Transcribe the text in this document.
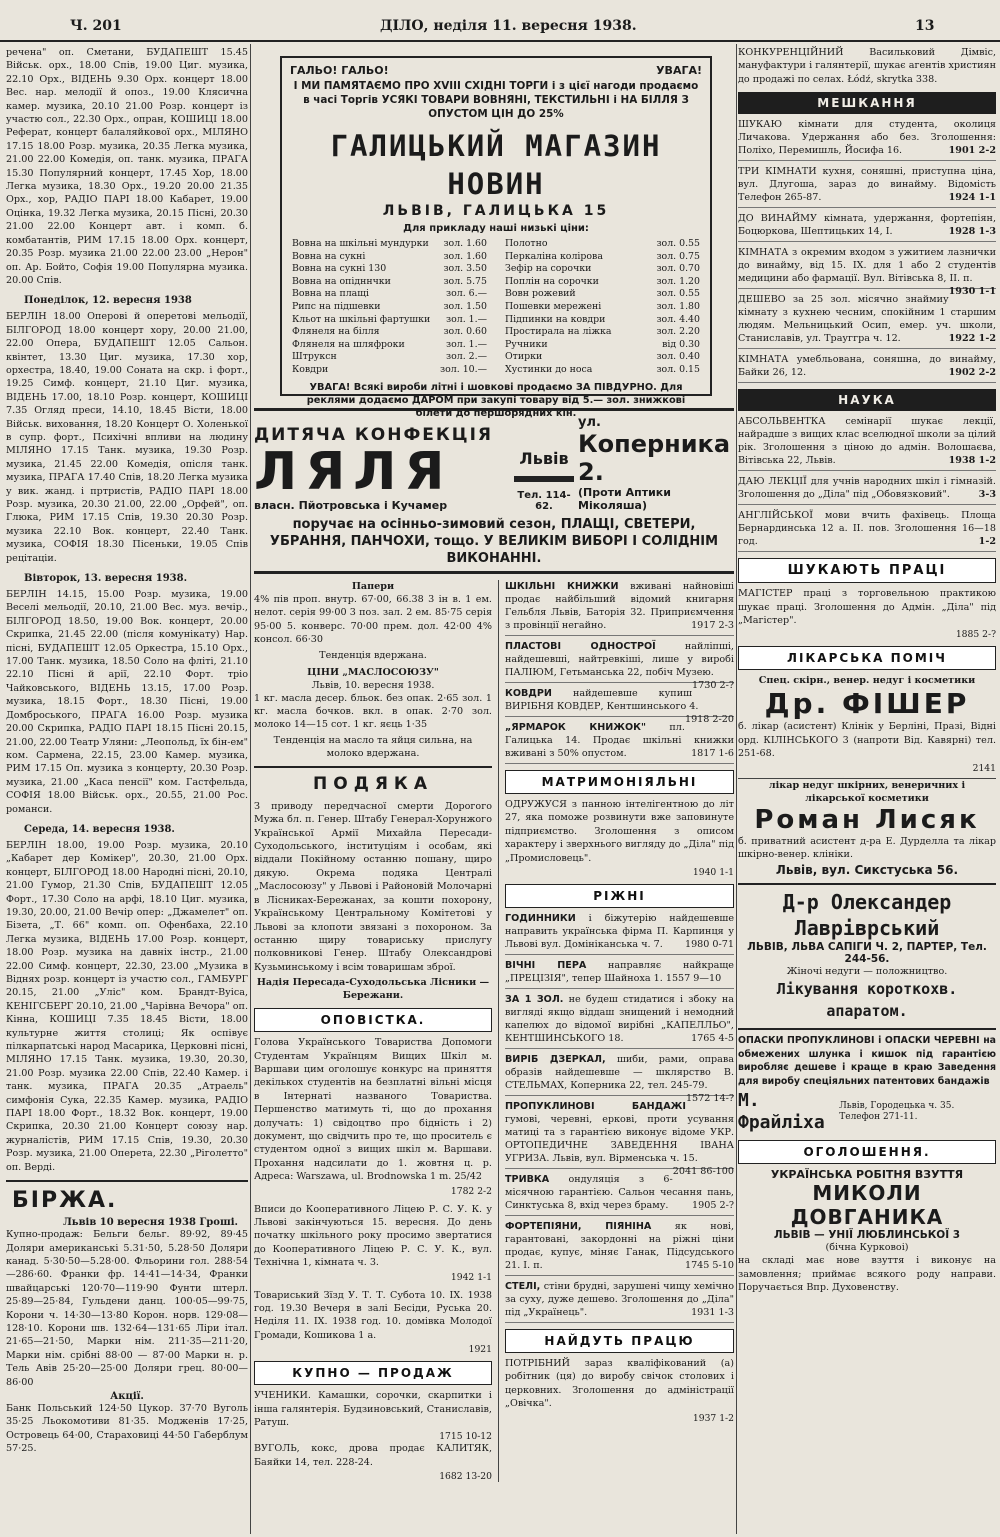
Ч. 201	ДІЛО, неділя 11. вересня 1938.	13

речена" оп. Сметани, БУДАПЕШТ 15.45 Військ. орх., 18.00 Спів, 19.00 Циг. музика, 22.10 Орх., ВІДЕНЬ 9.30 Орх. концерт 18.00 Вес. нар. мелодії й опоз., 19.00 Клясична камер. музика, 20.10 21.00 Розр. концерт із участю сол., 22.30 Орх., опран, КОШИЦІ 18.00 Реферат, концерт балаляйкової орх., МІЛЯНО 17.15 18.00 Розр. музика, 20.35 Легка музика, 21.00 22.00 Комедія, оп. танк. музика, ПРАГА 15.30 Популярний концерт, 17.45 Хор, 18.00 Легка музика, 18.30 Орх., 19.20 20.00 21.35 Орх., хор, РАДІО ПАРІ 18.00 Кабарет, 19.00 Оцінка, 19.32 Легка музика, 20.15 Пісні, 20.30 21.00 22.00 Концерт авт. і комп. б. комбатантів, РИМ 17.15 18.00 Орх. концерт, 20.35 Розр. музика 21.00 22.00 23.00 „Нерон" оп. Ар. Бойто, Софія 19.00 Популярна музика. 20.00 Спів.

Понеділок, 12. вересня 1938

БЕРЛІН 18.00 Оперові й оперетові мельодії, БІЛГОРОД 18.00 концерт хору, 20.00 21.00, 22.00 Опера, БУДАПЕШТ 12.05 Сальон. квінтет, 13.30 Циг. музика, 17.30 хор, орхестра, 18.40, 19.00 Соната на скр. і форт., 19.25 Симф. концерт, 21.10 Циг. музика, ВІДЕНЬ 17.00, 18.10 Розр. концерт, КОШИЦІ 7.35 Огляд преси, 14.10, 18.45 Вісти, 18.00 Військ. виховання, 18.20 Концерт О. Холенької в супр. форт., Психічні впливи на людину МІЛЯНО 17.15 Танк. музика, 19.30 Розр. музика, 21.45 22.00 Комедія, опісля танк. музика, ПРАГА 17.40 Спів, 18.20 Легка музика у вик. жанд. і пртристів, РАДІО ПАРІ 18.00 Розр. музика, 20.30 21.00, 22.00 „Орфей", оп. Глюка, РИМ 17.15 Спів, 19.30 20.30 Розр. музика 22.10 Вок. концерт, 22.40 Танк. музика, СОФІЯ 18.30 Пісеньки, 19.05 Спів рецітаціи.

Вівторок, 13. вересня 1938.

БЕРЛІН 14.15, 15.00 Розр. музика, 19.00 Веселі мельодії, 20.10, 21.00 Вес. муз. вечір., БІЛГОРОД 18.50, 19.00 Вок. концерт, 20.00 Скрипка, 21.45 22.00 (після комунікату) Нар. пісні, БУДАПЕШТ 12.05 Оркестра, 15.10 Орх., 17.00 Танк. музика, 18.50 Соло на фліті, 21.10 22.10 Пісні й арії, 22.10 Форт. тріо Чайковського, ВІДЕНЬ 13.15, 17.00 Розр. музика, 18.15 Форт., 18.30 Пісні, 19.00 Домброського, ПРАГА 16.00 Розр. музика 20.00 Скрипка, РАДІО ПАРІ 18.15 Пісні 20.15, 21.00, 22.00 Театр Уляни: „Леопольд, їх бін-ем" ком. Сармена, 22.15, 23.00 Камер. музика, РИМ 17.15 Оп. музика з концерту, 20.30 Розр. музика, 21.00 „Каса пенсії" ком. Гастфельда, СОФІЯ 18.00 Військ. орх., 20.55, 21.00 Рос. романси.

Середа, 14. вересня 1938.

БЕРЛІН 18.00, 19.00 Розр. музика, 20.10 „Кабарет дер Комікер", 20.30, 21.00 Орх. концерт, БІЛГОРОД 18.00 Народні пісні, 20.10, 21.00 Гумор, 21.30 Спів, БУДАПЕШТ 12.05 Форт., 17.30 Соло на арфі, 18.10 Циг. музика, 19.30, 20.00, 21.00 Вечір опер: „Джамелет" оп. Бізета, „Т. 66" комп. оп. Офенбаха, 22.10 Легка музика, ВІДЕНЬ 17.00 Розр. концерт, 18.00 Розр. музика на давніх інстр., 21.00 22.00 Симф. концерт, 22.30, 23.00 „Музика в Віднях розр. концерт із участю сол., ГАМБУРГ 20.15, 21.00 „Уліс" ком. Брандт-Вуіса, КЕНІГСБЕРГ 20.10, 21.00 „Чарівна Вечора" оп. Кінна, КОШИЦІ 7.35 18.45 Вісти, 18.00 культурне життя столиці; Як оспівує пілкарпатські народ Масарика, Церковні пісні, МІЛЯНО 17.15 Танк. музика, 19.30, 20.30, 21.00 Розр. музика 22.00 Спів, 22.40 Камер. і танк. музика, ПРАГА 20.35 „Атраель" симфонія Сука, 22.35 Камер. музика, РАДІО ПАРІ 18.00 Форт., 18.32 Вок. концерт, 19.00 Скрипка, 20.30 21.00 Концерт союзу нар. журналістів, РИМ 17.15 Спів, 19.30, 20.30 Розр. музика, 21.00 Оперета, 22.30 „Ріголетто" оп. Верді.

БІРЖА.
Львів 10 вересня 1938 Гроші.

Купно-продаж: Бельги бельг. 89·92, 89·45 Доляри американські 5.31·50, 5.28·50 Доляри канад. 5·30·50—5.28·00. Фльорини гол. 288·54—286·60. Франки фр. 14·41—14·34, Франки швайцарські 120·70—119·90 Фунти штерл. 25·89—25·84, Гульдени данц. 100·05—99·75, Корони ч. 14·30—13·80 Корон. норв. 129·08—128·10. Корони шв. 132·64—131·65 Ліри італ. 21·65—21·50, Марки нім. 211·35—211·20, Марки нім. срібні 88·00 — 87·00 Марки н. р. Тель Авів 25·20—25·00 Доляри грец. 80·00—86·00

Акції.

Банк Польський 124·50 Цукор. 37·70 Вуголь 35·25 Льокомотиви 81·35. Модженів 17·25, Островець 64·00, Стараховиці 44·50 Габерблум 57·25.

ГАЛЬО! ГАЛЬО!	УВАГА!
І МИ ПАМЯТАЄМО ПРО XVIII СХІДНІ ТОРГИ і з цієї нагоди продаємо в часі Торгів УСЯКІ ТОВАРИ ВОВНЯНІ, ТЕКСТИЛЬНІ і НА БІЛЛЯ З ОПУСТОМ ЦІН ДО 25%
ГАЛИЦЬКИЙ МАГАЗИН НОВИН
ЛЬВІВ, ГАЛИЦЬКА 15
Для прикладу наші низькі ціни:
Вовна на шкільні мундурки	зол. 1.60
Вовна на сукні	зол. 1.60
Вовна на сукні 130	зол. 3.50
Вовна на опідннчки	зол. 5.75
Вовна на плащі	зол. 6.—
Рипс на підшевки	зол. 1.50
Кльот на шкільні фартушки	зол. 1.—
Флянеля на білля	зол. 0.60
Флянеля на шляфроки	зол. 1.—
Штруксн	зол. 2.—
Ковдри	зол. 10.—
Полотно	зол. 0.55
Перкаліна колірова	зол. 0.75
Зефір на сорочки	зол. 0.70
Поплін на сорочки	зол. 1.20
Вовн рожевий	зол. 0.55
Пошевки мережені	зол. 1.80
Підпинки на ковдри	зол. 4.40
Простирала на ліжка	зол. 2.20
Ручники	від 0.30
Отирки	зол. 0.40
Хустинки до носа	зол. 0.15
УВАГА! Всякі вироби літні і шовкові продаємо ЗА ПІВДУРНО. Для реклями додаємо ДАРОМ при закупі товару від 5.— зол. знижкові білети до першорядних кін.
ДИТЯЧА КОНФЕКЦІЯ
ЛЯЛЯ
власн. Пйотровська і Кучамер
Львів
Тел. 114-62.
ул.
Коперника 2.
(Проти Аптики Міколяша)
поручає на осінньо-зимовий сезон, ПЛАЩІ, СВЕТЕРИ, УБРАННЯ, ПАНЧОХИ, тощо. У ВЕЛИКІМ ВИБОРІ І СОЛІДНІМ ВИКОНАННІ.
Папери

4% пів проп. внутр. 67·00, 66.38 3 ін в. 1 ем. нелот. серія 99·00 3 поз. зал. 2 ем. 85·75 серія 95·00 5. конверс. 70·00 прем. дол. 42·00 4% консол. 66·30

Тенденція вдержана.
ЦІНИ „МАСЛОСОЮЗУ"
Львів, 10. вересня 1938.

1 кг. масла десер. бльок. без опак. 2·65 зол. 1 кг. масла бочков. вкл. в опак. 2·70 зол. молоко 14—15 сот. 1 кг. яєць 1·35

Тенденція на масло та яйця сильна, на молоко вдержана.
ПОДЯКА

З приводу передчасної смерти Дорогого Мужа бл. п. Генер. Штабу Генерал-Хорунжого Української Армії Михайла Пересади-Суходольського, інституціям і особам, які віддали Покійному останню пошану, щиро дякую. Окрема подяка Централі „Маслосоюзу" у Львові і Районовій Молочарні в Лісниках-Бережанах, за кошти похорону, Українському Центральному Комітетові у Львові за клопоти звязані з похороном. За останню щиру товариську прислугу полковникові Генер. Штабу Олександрові Кузьминському і всім товаришам зброї.

Надія Пересада-Суходольська Лісники — Бережани.
ОПОВІСТКА.

Голова Українського Товариства Допомоги Студентам Українцям Вищих Шкіл м. Варшави цим оголошує конкурс на приняття декількох студентів на безплатні вільні місця в Інтернаті названого Товариства. Першенство матимуть ті, що до прохання долучать: 1) свідоцтво про бідність і 2) документ, що свідчить про те, що проситель є студентом одної з вищих шкіл м. Варшави. Прохання надсилати до 1. жовтня ц. р. Адреса: Warszawa, ul. Brodnowska 1 m. 25/42

1782 2-2

Вписи до Кооперативного Ліцею Р. С. У. К. у Львові закінчуються 15. вересня. До ‌день початку шкільного року просимо звертатися до Кооперативного Ліцею Р. С. У. К., вул. Технічна 1, кімната ч. 3.

1942 1-1

Товариський Зїзд У. Т. Т. Субота 10. IX. 1938 год. 19.30 Вечеря в залі Бесіди, Руська 20. Неділя 11. IX. 1938 год. 10. домівка Молодої Громади, Кошикова 1 а.

1921
КУПНО — ПРОДАЖ

УЧЕНИКИ. Камашки, сорочки, скарпитки і інша галянтерія. Будзиновський, Станиславів, Ратуш.

1715 10-12

ВУГОЛЬ, кокс, дрова продає КАЛИТЯК, Баяйки 14, тел. 228-24.

1682 13-20

ШКІЛЬНІ КНИЖКИ вживані найновіші продає найбільший відомий книгарня Гельбля Львів, Баторія 32. Приприємчення з провінції негайно.	1917 2-3

ПЛАСТОВІ ОДНОСТРОЇ	найліпші, найдешевші, найтревкіші, лише у виробі ПАЛІЮМ, Гетьманська 22, побіч Музею.
1730 2-?

КОВДРИ найдешевше купиш ВИРІБНЯ КОВДЕР, Кентшинського 4.
1918 2-20

„ЯРМАРОК КНИЖОК" пл. Галицька 14. Продає шкільні книжки вживані з 50% опустом.	1817 1-6

МАТРИМОНІЯЛЬНІ

ОДРУЖУСЯ з панною інтелігентною до літ 27, яка поможе розвинути вже заповинуте підприємство. Зголошення з описом характеру і зверхнього вигляду до „Діла" під „Промисловець".

1940 1-1
РІЖНІ

ГОДИННИКИ і біжутерію найдешевше направить українська фірма П. Карпинця у Львові вул. Домініканська ч. 7. 1980 0-71

ВІЧНІ ПЕРА направляє найкраще „ПРЕЦІЗІЯ", тепер Шайноха 1. 1557 9—10

ЗА 1 ЗОЛ. не будеш стидатися і збоку на вигляді якщо віддаш знищений і немодний капелюх до відомої вирібні „КАПЕЛЛЬО", КЕНТШИНСЬКОГО 18.	1765 4-5

ВИРІБ ДЗЕРКАЛ, шиби, рами, оправа образів найдешевше — шклярство В. СТЕЛЬМАХ, Коперника 22, тел. 245-79.
1572 14-?

ПРОПУКЛИНОВІ БАНДАЖІ гумові, черевні, еркові, проти усування матиці та з гарантією виконує відоме УКР. ОРТОПЕДИЧНЕ ЗАВЕДЕННЯ ІВАНА УГРИЗА. Львів, вул. Вірменська ч. 15.
2041 86-100

ТРИВКА ондуляція з 6-місячною гарантією. Сальон чесання пань, Синктуська 8, вхід через браму. 1905 2-?

ФОРТЕПІЯНИ, ПІЯНІНА як нові, гарантовані, закордонні на ріжні ціни продає, купує, міняє Ганак, Підсудського 21. І. п.	1745 5-10

СТЕЛІ, стіни брудні, зарушені чищу хемічно за суху, дуже дешево. Зголошення до „Діла" під „Українець".	1931 1-3

НАЙДУТЬ ПРАЦЮ

ПОТРІБНИЙ зараз кваліфікований (а) робітник (ця) до виробу свічок столових і церковних. Зголошення до адміністрації „Овічка".

1937 1-2

КОНКУРЕНЦІЙНИЙ Васильковий Дімвіс, мануфактури і галянтерії, шукає агентів християн до продажі по селах. Łódź, skrytka 338.

МЕШКАННЯ

ШУКАЮ кімнати для студента, околиця Личакова. Удержання або без. Зголошення: Поліхо, Перемишль, Йосифа 16.	1901 2-2

ТРИ КІМНАТИ кухня, соняшні, приступна ціна, вул. Длугоша, зараз до винайму. Відомість Телефон 265-87.	1924 1-1

ДО ВИНАЙМУ кімната, удержання, фортепіян, Боцюркова, Шептицьких 14, І.	1928 1-3

КІМНАТА з окремим входом з ужитием лазнички до винайму, від 15. IX. для 1 або 2 студентів медицини або фармації. Вул. Вітівська 8, ІІ. п.
1930 1-1

ДЕШЕВО за 25 зол. місячно знаймиу кімнату з кухнею чесним, спокійним 1 старшим людям. Мельницький Осип, емер. уч. школи, Станиславів, ул. Трауггра ч. 12.	1922 1-2

КІМНАТА умебльована, соняшна, до винайму, Байки 26, 12.	1902 2-2

НАУКА

АБСОЛЬВЕНТКА семінарії шукає лекції, найрадше з вищих клас вселюдної школи за цілий рік. Зголошення з ціною до адмін. Волошаєва, Вітівська 22, Львів.	1938 1-2

ДАЮ ЛЕКЦІЇ для учнів народних шкіл і гімназій. Зголошення до „Діла" під „Обовязковий".	3-3

АНГЛІЙСЬКОЇ мови вчить фахівець. Площа Бернардинська 12 а. ІІ. пов. Зголошення 16—18 год.	1-2

ШУКАЮТЬ ПРАЦІ

МАГІСТЕР праці з торговельною практикою шукає праці. Зголошення до Адмін. „Діла" під „Магістер".

1885 2-?
ЛІКАРСЬКА ПОМІЧ
Спец. скірн., венер. недуг і косметики
Др. ФІШЕР

б. лікар (асистент) Клінік у Берліні, Празі, Відні орд. КІЛІНСЬКОГО 3 (напроти Від. Кавярні) тел. 251-68.

2141
лікар недуг шкірних, венеричних і лікарської косметики
Роман Лисяк

б. приватний асистент д-ра Е. Дурделла та лікар шкірно-венер. клініки.

Львів, вул. Сикстуська 56.
Д-р Олександер Лавріврський
ЛЬВІВ, ЛЬВА САПІГИ Ч. 2, ПАРТЕР, Тел. 244-56.
Жіночі недуги — положництво.
Лікування короткохв. апаратом.

ОПАСКИ ПРОПУКЛИНОВІ і ОПАСКИ ЧЕРЕВНІ на обмежених шлунка і кишок під гарантією виробляє дешеве і краще в краю Заведення для виробу спеціяльних патентових бандажів

М. Фрайліха
Львів, Городецька ч. 35. Телефон 271-11.
ОГОЛОШЕННЯ.
УКРАЇНСЬКА РОБІТНЯ ВЗУТТЯ
МИКОЛИ ДОВГАНИКА
ЛЬВІВ — УНІЇ ЛЮБЛИНСЬКОЇ 3
(бічна Курковоі)

на складі має нове взуття і виконує на замовлення; приймає всякого роду направи. Поручається Впр. Духовенству.
